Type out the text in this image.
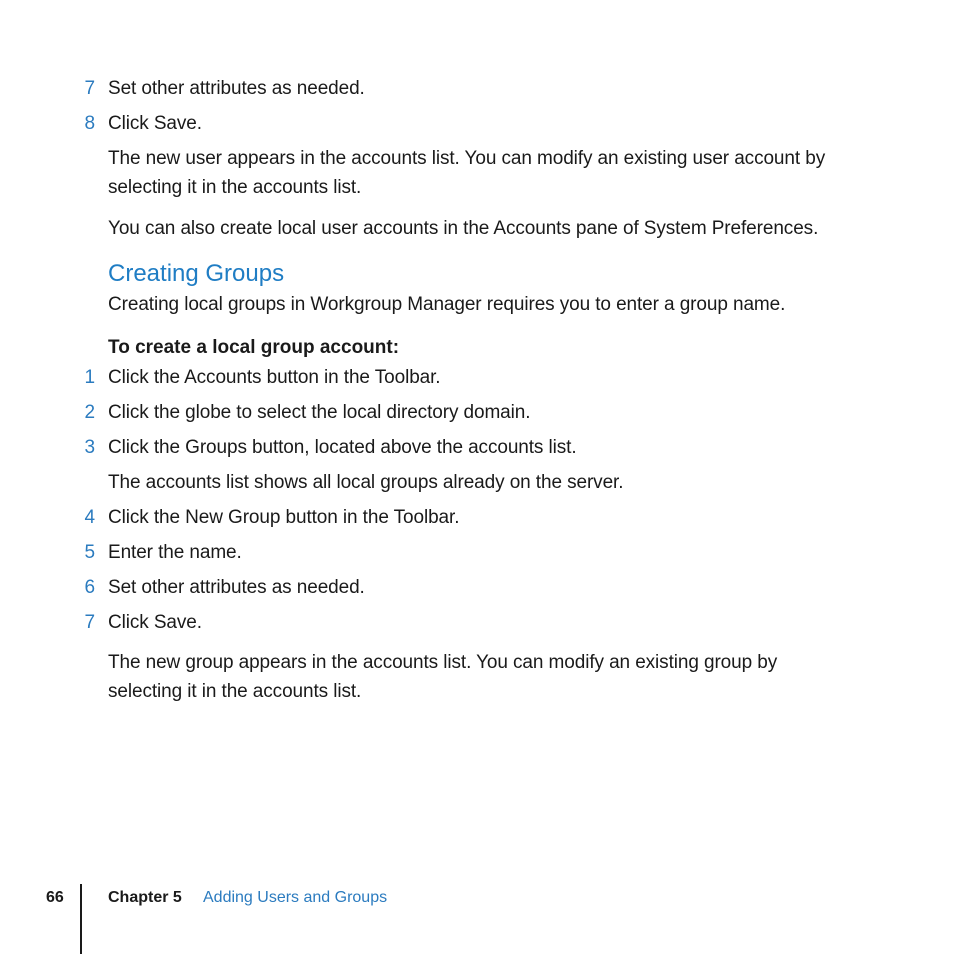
7 Set other attributes as needed.
8 Click Save.

The new user appears in the accounts list. You can modify an existing user account by selecting it in the accounts list.

You can also create local user accounts in the Accounts pane of System Preferences.

Creating Groups

Creating local groups in Workgroup Manager requires you to enter a group name.

To create a local group account:
1 Click the Accounts button in the Toolbar.
2 Click the globe to select the local directory domain.
3 Click the Groups button, located above the accounts list.

The accounts list shows all local groups already on the server.

4 Click the New Group button in the Toolbar.
5 Enter the name.
6 Set other attributes as needed.
7 Click Save.

The new group appears in the accounts list. You can modify an existing group by selecting it in the accounts list.

66	Chapter 5 Adding Users and Groups
